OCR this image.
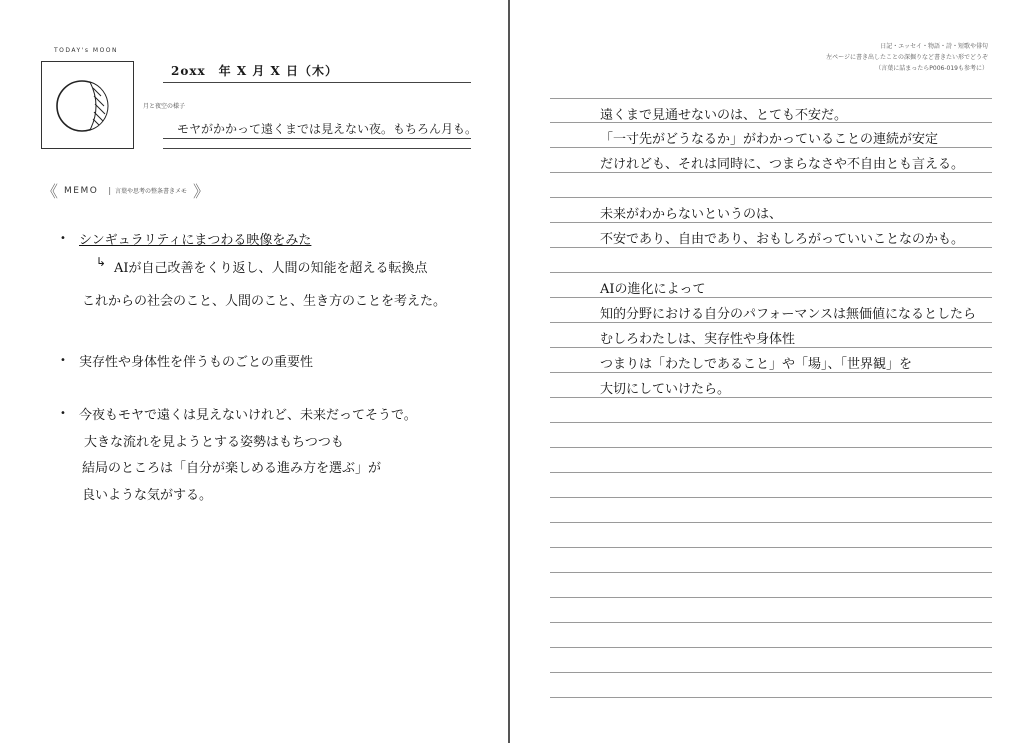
TODAY's MOON
2oxx　年 X 月 X 日（木）
月と夜空の様子
モヤがかかって遠くまでは見えない夜。もちろん月も。
《 MEMO | 言葉や思考の整条書きメモ 》
• シンギュラリティにまつわる映像をみた
↳ AIが自己改善をくり返し、人間の知能を超える転換点
これからの社会のこと、人間のこと、生き方のことを考えた。
• 実存性や身体性を伴うものごとの重要性
• 今夜もモヤで遠くは見えないけれど、未来だってそうで。
大きな流れを見ようとする姿勢はもちつつも
結局のところは「自分が楽しめる進み方を選ぶ」が
良いような気がする。
日記・エッセイ・物語・詩・短歌や俳句
左ページに書き出したことの深掘りなど書きたい形でどうぞ
（言葉に詰まったらP006-019も参考に）
遠くまで見通せないのは、とても不安だ。
「一寸先がどうなるか」がわかっていることの連続が安定
だけれども、それは同時に、つまらなさや不自由とも言える。
未来がわからないというのは、
不安であり、自由であり、おもしろがっていいことなのかも。
AIの進化によって
知的分野における自分のパフォーマンスは無価値になるとしたら
むしろわたしは、実存性や身体性
つまりは「わたしであること」や「場」、「世界観」を
大切にしていけたら。
